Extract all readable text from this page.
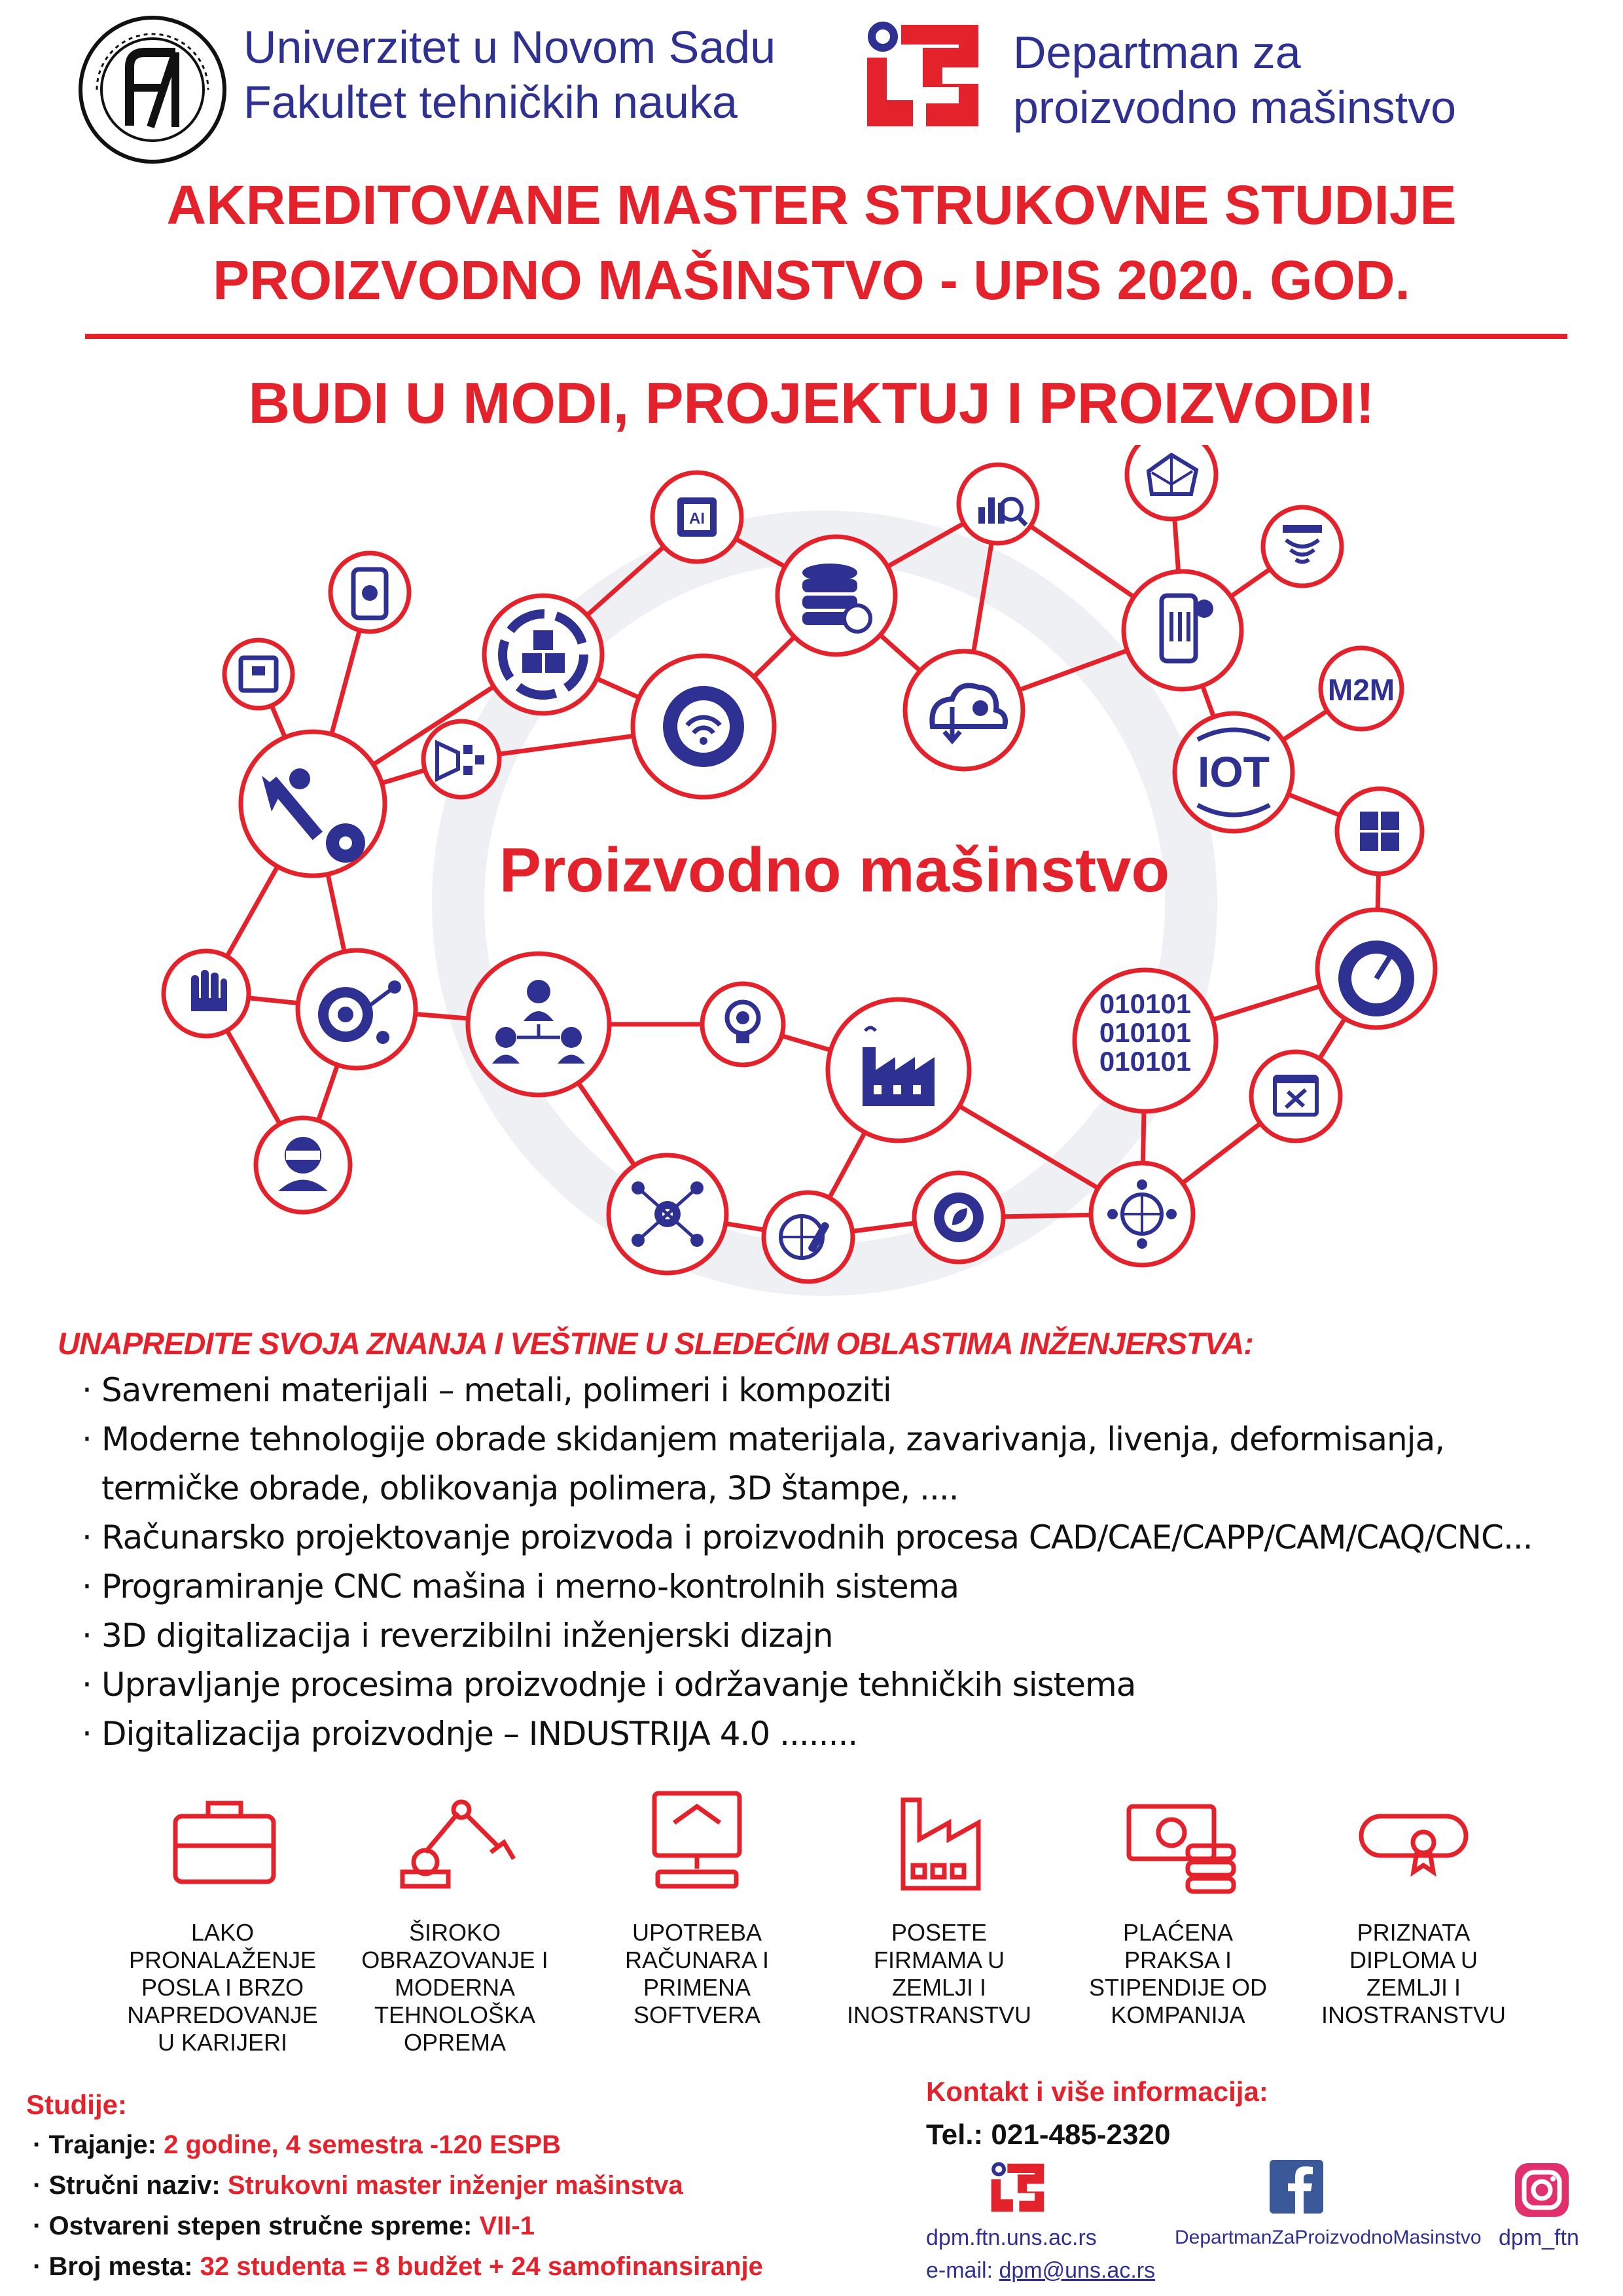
Univerzitet u Novom Sadu
Fakultet tehničkih nauka
Departman za
proizvodno mašinstvo
AKREDITOVANE MASTER STRUKOVNE STUDIJE
PROIZVODNO MAŠINSTVO - UPIS 2020. GOD.
BUDI U MODI, PROJEKTUJ I PROIZVODI!
AI
M2M
IOT
010101
010101
010101
Proizvodno mašinstvo
UNAPREDITE SVOJA ZNANJA I VEŠTINE U SLEDEĆIM OBLASTIMA INŽENJERSTVA:
· Savremeni materijali – metali, polimeri i kompoziti
· Moderne tehnologije obrade skidanjem materijala, zavarivanja, livenja, deformisanja,
termičke obrade, oblikovanja polimera, 3D štampe, ....
· Računarsko projektovanje proizvoda i proizvodnih procesa CAD/CAE/CAPP/CAM/CAQ/CNC...
· Programiranje CNC mašina i merno-kontrolnih sistema
· 3D digitalizacija i reverzibilni inženjerski dizajn
· Upravljanje procesima proizvodnje i održavanje tehničkih sistema
· Digitalizacija proizvodnje – INDUSTRIJA 4.0 ........
LAKO
PRONALAŽENJE
POSLA I BRZO
NAPREDOVANJE
U KARIJERI
ŠIROKO
OBRAZOVANJE I
MODERNA
TEHNOLOŠKA
OPREMA
UPOTREBA
RAČUNARA I
PRIMENA
SOFTVERA
POSETE
FIRMAMA U
ZEMLJI I
INOSTRANSTVU
PLAĆENA
PRAKSA I
STIPENDIJE OD
KOMPANIJA
PRIZNATA
DIPLOMA U
ZEMLJI I
INOSTRANSTVU
Studije:
· Trajanje: 2 godine, 4 semestra -120 ESPB
· Stručni naziv: Strukovni master inženjer mašinstva
· Ostvareni stepen stručne spreme: VII-1
· Broj mesta: 32 studenta = 8 budžet + 24 samofinansiranje
Kontakt i više informacija:
Tel.: 021-485-2320
dpm.ftn.uns.ac.rs	DepartmanZaProizvodnoMasinstvo dpm_ftn
e-mail: dpm@uns.ac.rs
